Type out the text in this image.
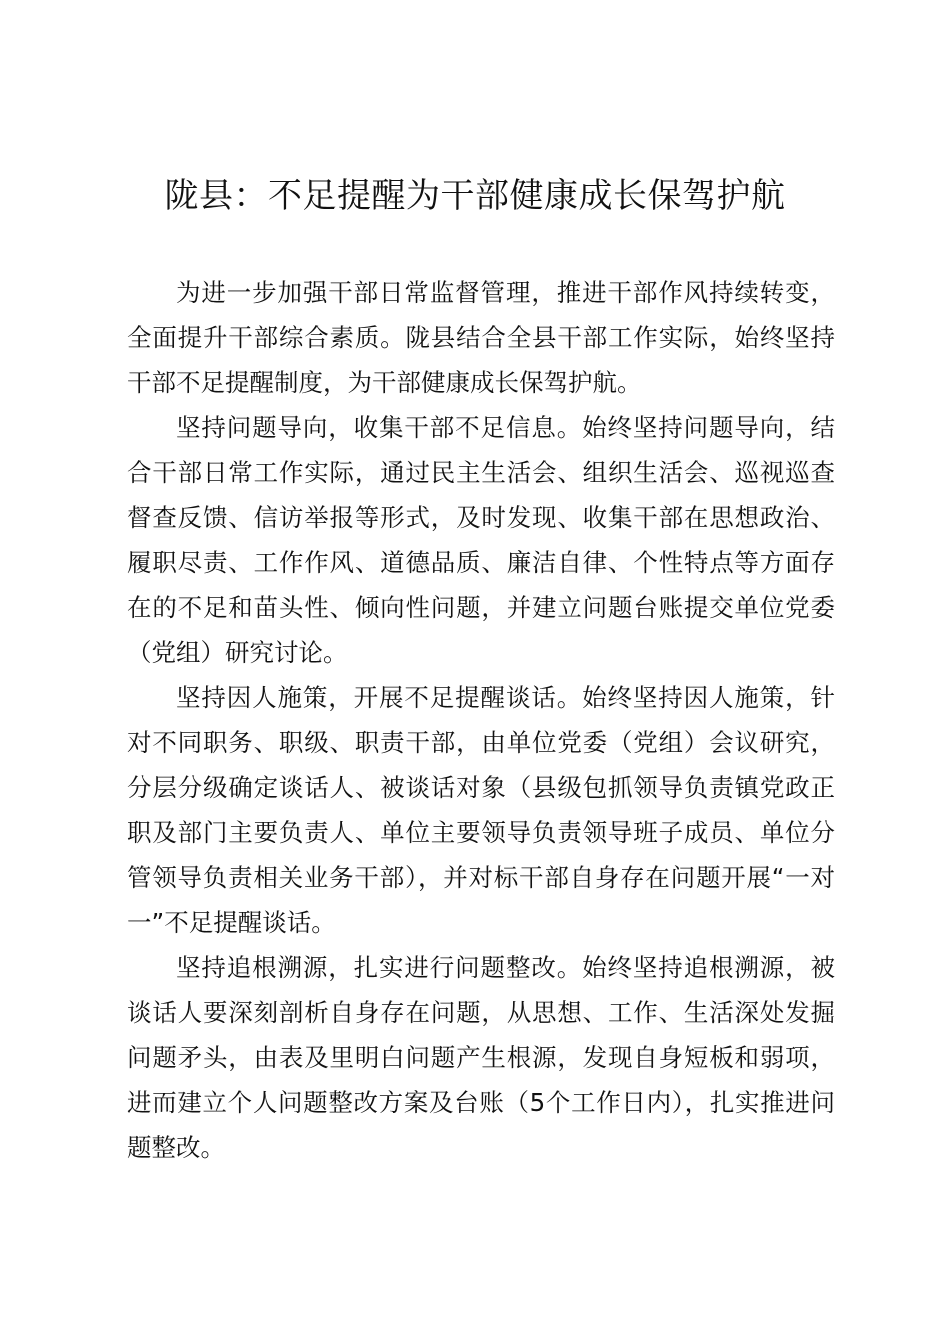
陇县：不足提醒为干部健康成长保驾护航

为进一步加强干部日常监督管理，推进干部作风持续转变，全面提升干部综合素质。陇县结合全县干部工作实际，始终坚持干部不足提醒制度，为干部健康成长保驾护航。

坚持问题导向，收集干部不足信息。始终坚持问题导向，结合干部日常工作实际，通过民主生活会、组织生活会、巡视巡查督查反馈、信访举报等形式，及时发现、收集干部在思想政治、履职尽责、工作作风、道德品质、廉洁自律、个性特点等方面存在的不足和苗头性、倾向性问题，并建立问题台账提交单位党委（党组）研究讨论。

坚持因人施策，开展不足提醒谈话。始终坚持因人施策，针对不同职务、职级、职责干部，由单位党委（党组）会议研究，分层分级确定谈话人、被谈话对象（县级包抓领导负责镇党政正职及部门主要负责人、单位主要领导负责领导班子成员、单位分管领导负责相关业务干部），并对标干部自身存在问题开展“一对一”不足提醒谈话。

坚持追根溯源，扎实进行问题整改。始终坚持追根溯源，被谈话人要深刻剖析自身存在问题，从思想、工作、生活深处发掘问题矛头，由表及里明白问题产生根源，发现自身短板和弱项，进而建立个人问题整改方案及台账（5个工作日内），扎实推进问题整改。
